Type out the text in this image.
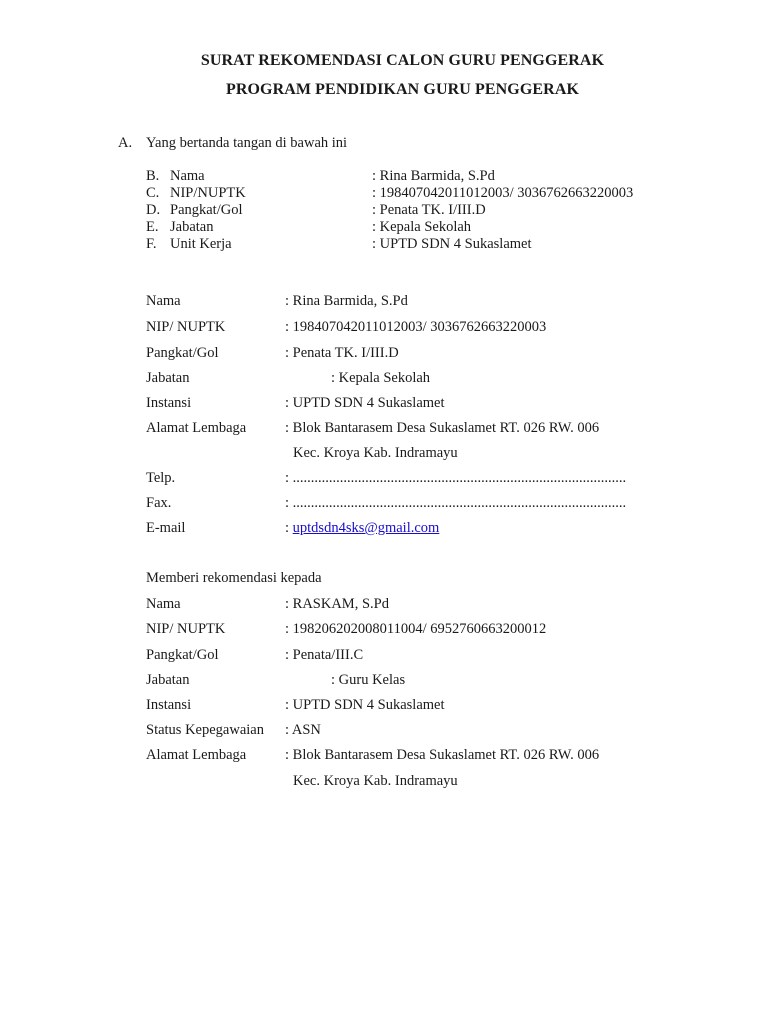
SURAT REKOMENDASI CALON GURU PENGGERAK
PROGRAM PENDIDIKAN GURU PENGGERAK
A. Yang bertanda tangan di bawah ini
B. Nama	: Rina Barmida, S.Pd
C. NIP/NUPTK	: 198407042011012003/ 3036762663220003
D. Pangkat/Gol	: Penata TK. I/III.D
E. Jabatan	: Kepala Sekolah
F. Unit Kerja	: UPTD SDN 4 Sukaslamet
Nama	: Rina Barmida, S.Pd
NIP/ NUPTK	: 198407042011012003/ 3036762663220003
Pangkat/Gol	: Penata TK. I/III.D
Jabatan	: Kepala Sekolah
Instansi	: UPTD SDN 4 Sukaslamet
Alamat Lembaga	: Blok Bantarasem Desa Sukaslamet RT. 026 RW. 006
Kec. Kroya Kab. Indramayu
Telp.	: ............................................................................................
Fax.	: ............................................................................................
E-mail	: uptdsdn4sks@gmail.com
Memberi rekomendasi kepada
Nama	: RASKAM, S.Pd
NIP/ NUPTK	: 198206202008011004/ 6952760663200012
Pangkat/Gol	: Penata/III.C
Jabatan	: Guru Kelas
Instansi	: UPTD SDN 4 Sukaslamet
Status Kepegawaian : ASN
Alamat Lembaga	: Blok Bantarasem Desa Sukaslamet RT. 026 RW. 006
Kec. Kroya Kab. Indramayu
